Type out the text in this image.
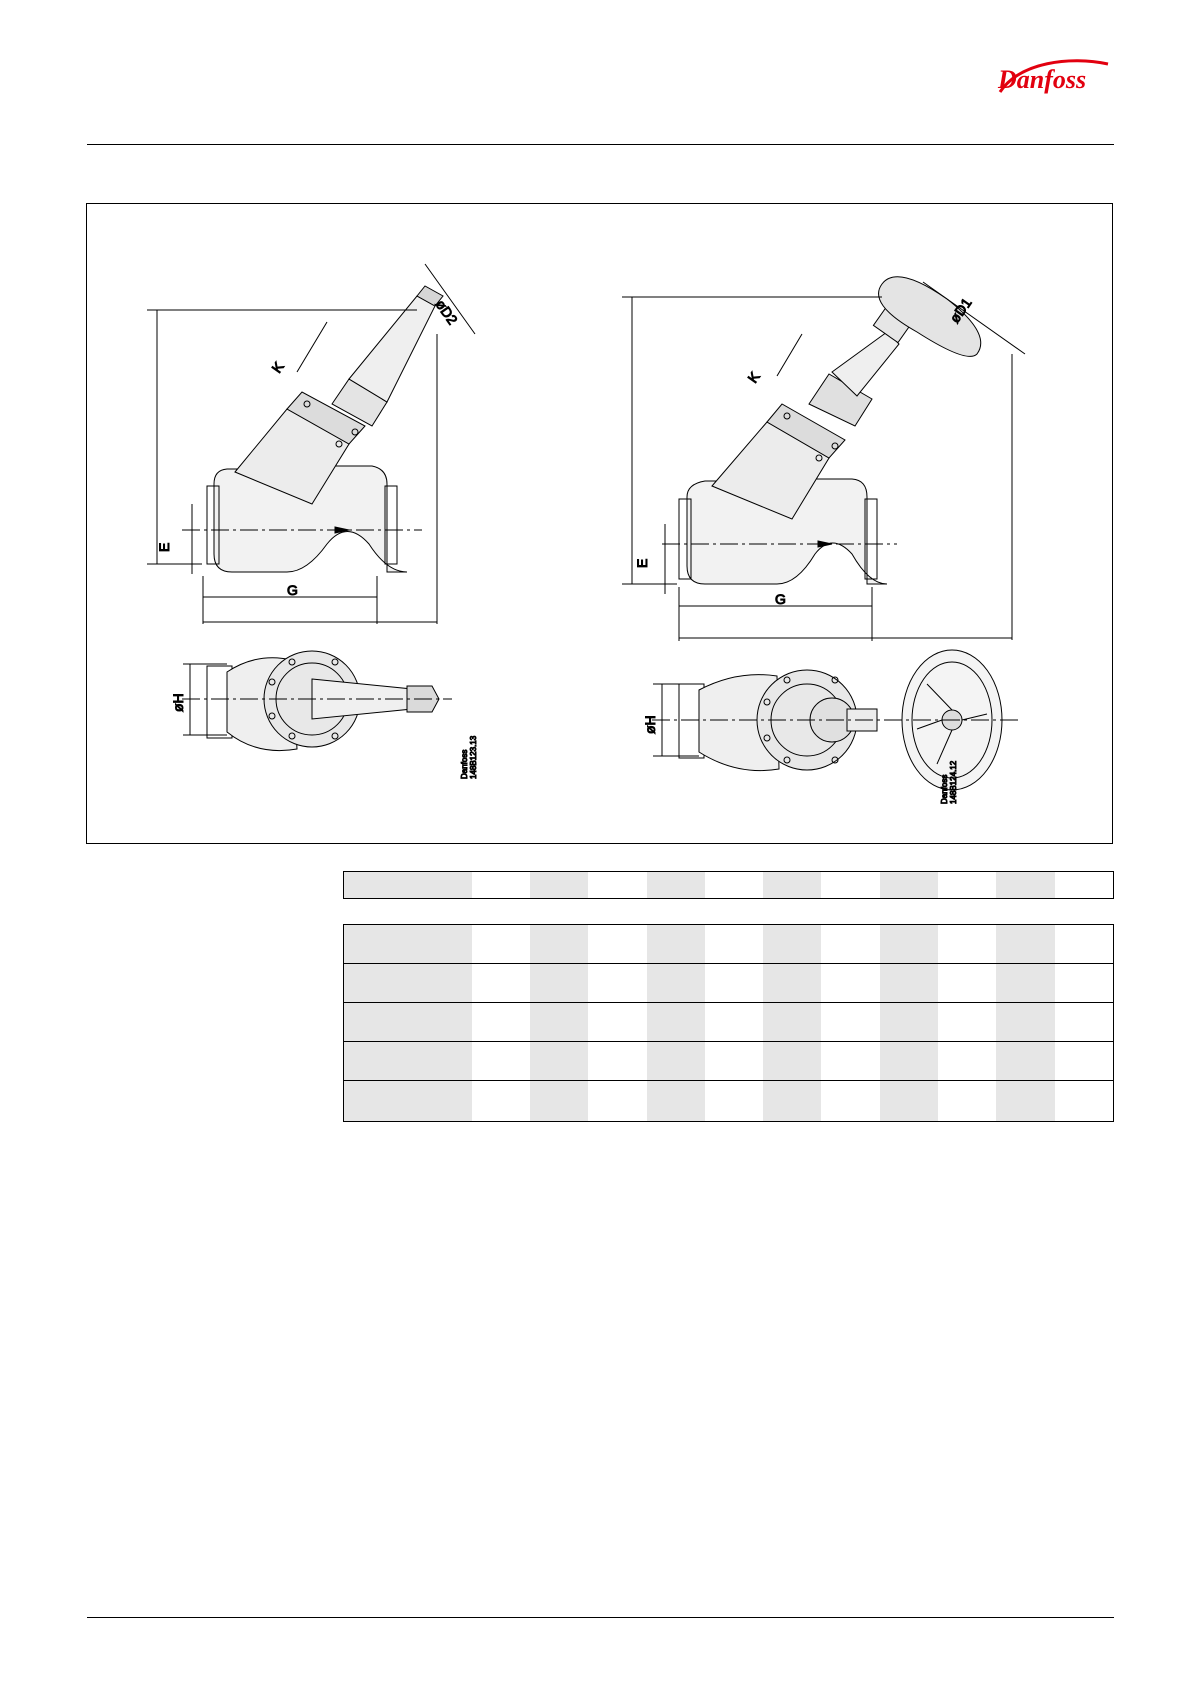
Danfoss
E
G
K
øD2
øH
Danfoss 148B123.13
E
G
K
øD1
øH
Danfoss 148B124.12
